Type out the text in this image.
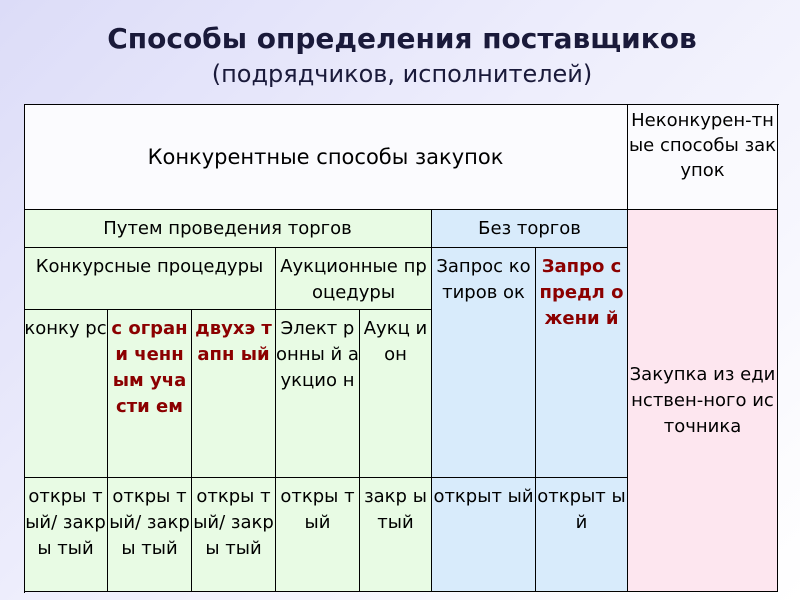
Способы определения поставщиков
(подрядчиков, исполнителей)
Конкурентные способы закупок
Неконкурен-тные способы закупок
Путем проведения торгов	Без торгов
Закупка из единствен-ного источника
Конкурсные процедуры Аукционные процедуры
Запрос котиров ок
Запро с предл ожени й
конку рс с ограни ченн ым участи ем
двухэ тапн ый
Элект ронны й аукцио н
Аукц ион
откры тый/ закры тый
откры тый/ закры тый
откры тый/ закры тый
откры тый
закр ытый
открыт ый открыт ый
